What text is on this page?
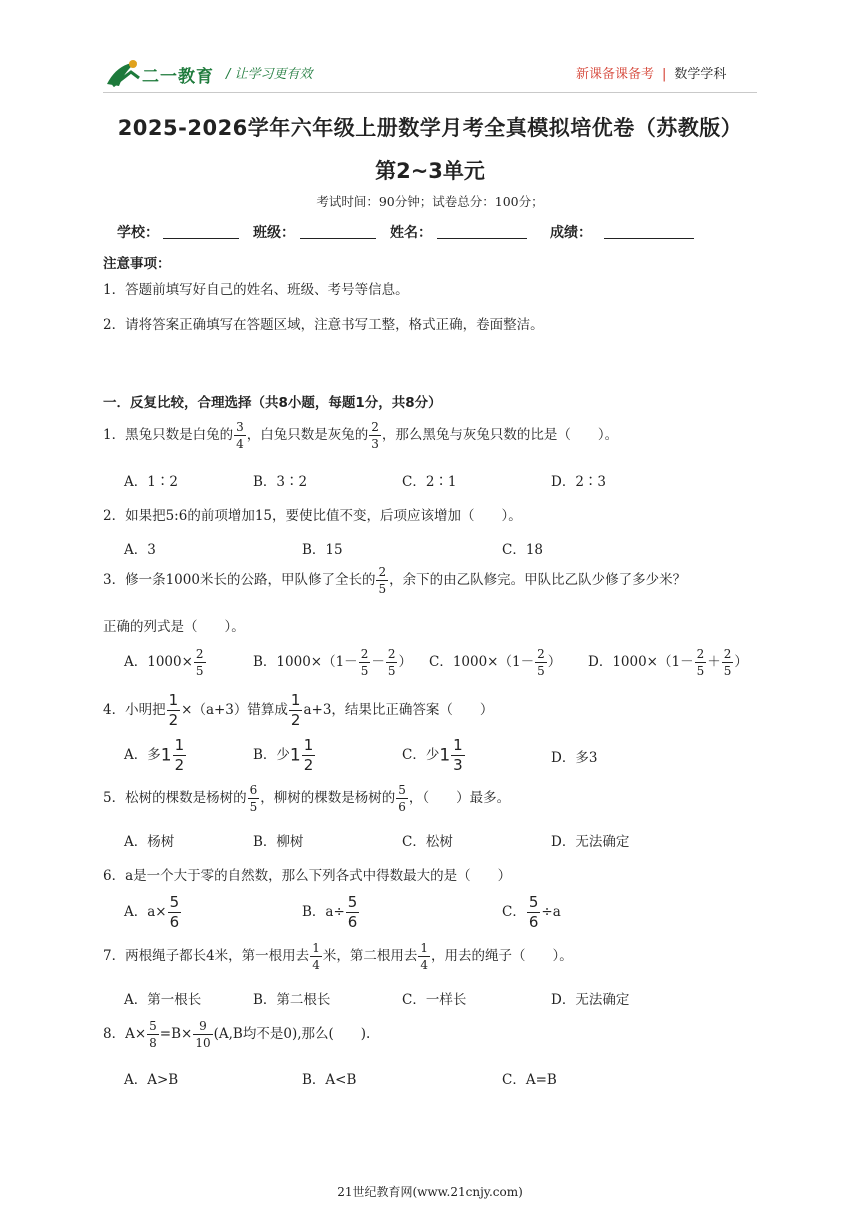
二一教育 / 让学习更有效	新课备课备考 | 数学学科
2025-2026学年六年级上册数学月考全真模拟培优卷（苏教版）
第2~3单元
考试时间：90分钟；试卷总分：100分；
学校：	班级：	姓名：	成绩：
注意事项：
1．答题前填写好自己的姓名、班级、考号等信息。
2．请将答案正确填写在答题区域，注意书写工整，格式正确，卷面整洁。
一．反复比较，合理选择（共8小题，每题1分，共8分）
1．黑兔只数是白兔的 $\frac{3}{4}$ ，白兔只数是灰兔的 $\frac{2}{3}$ ，那么黑兔与灰兔只数的比是（　　）。
A．1∶2	B．3∶2	C．2∶1	D．2∶3
2．如果把5:6的前项增加15，要使比值不变，后项应该增加（　　）。
A．3	B．15	C．18
3．修一条1000米长的公路，甲队修了全长的 $\frac{2}{5}$ ，余下的由乙队修完。甲队比乙队少修了多少米？
正确的列式是（　　）。
A．$1000\times \frac{2}{5}$	B．$1000\times(1- \frac{2}{5} - \frac{2}{5}$ ） C．$1000\times(1- \frac{2}{5}$ ） D．$1000\times(1- \frac{2}{5} + \frac{2}{5}$ ）
4．小明把 $\frac{1}{2} \times(a+3)$错算成 $\frac{1}{2} a+3$，结果比正确答案（　　）
A．多$1 \frac{1}{2}$	B．少$1 \frac{1}{2}$	C．少$1 \frac{1}{3}$	D．多3
5．松树的棵数是杨树的 $\frac{6}{5}$ ，柳树的棵数是杨树的 $\frac{5}{6}$ ，（　　）最多。
A．杨树	B．柳树	C．松树	D．无法确定
6．a是一个大于零的自然数，那么下列各式中得数最大的是（　　）
A．$a\times \frac{5}{6}$	B．$a\div \frac{5}{6}$	C． $\frac{5}{6} \div a$
7．两根绳子都长4米，第一根用去 $\frac{1}{4}$ 米，第二根用去 $\frac{1}{4}$ ，用去的绳子（　　）。
A．第一根长	B．第二根长	C．一样长	D．无法确定
8．$A\times \frac{5}{8} =B\times \frac{9}{10} (A,B$均不是0),那么(　　).
A．A>B	B．A<B	C．A=B
21世纪教育网(www.21cnjy.com)
